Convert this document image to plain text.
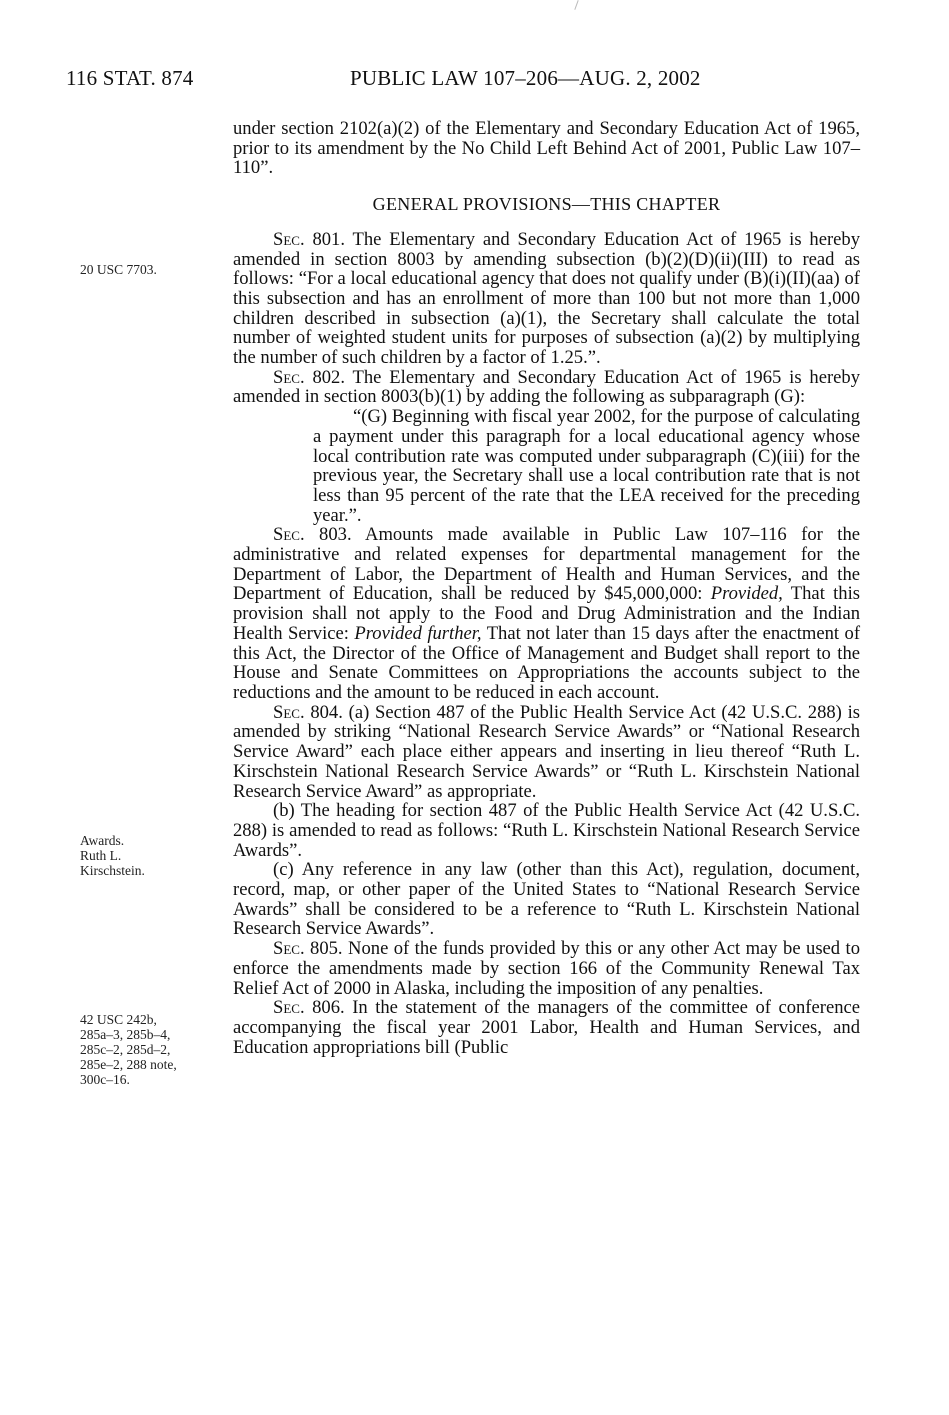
116 STAT. 874	PUBLIC LAW 107–206—AUG. 2, 2002
20 USC 7703.
Awards.
Ruth L.
Kirschstein.
42 USC 242b,
285a–3, 285b–4,
285c–2, 285d–2,
285e–2, 288 note,
300c–16.

under section 2102(a)(2) of the Elementary and Secondary Education Act of 1965, prior to its amendment by the No Child Left Behind Act of 2001, Public Law 107–110”.

GENERAL PROVISIONS—THIS CHAPTER

Sec. 801. The Elementary and Secondary Education Act of 1965 is hereby amended in section 8003 by amending subsection (b)(2)(D)(ii)(III) to read as follows: “For a local educational agency that does not qualify under (B)(i)(II)(aa) of this subsection and has an enrollment of more than 100 but not more than 1,000 children described in subsection (a)(1), the Secretary shall calculate the total number of weighted student units for purposes of subsection (a)(2) by multiplying the number of such children by a factor of 1.25.”.

Sec. 802. The Elementary and Secondary Education Act of 1965 is hereby amended in section 8003(b)(1) by adding the following as subparagraph (G):

“(G) Beginning with fiscal year 2002, for the purpose of calculating a payment under this paragraph for a local educational agency whose local contribution rate was computed under subparagraph (C)(iii) for the previous year, the Secretary shall use a local contribution rate that is not less than 95 percent of the rate that the LEA received for the preceding year.”.

Sec. 803. Amounts made available in Public Law 107–116 for the administrative and related expenses for departmental management for the Department of Labor, the Department of Health and Human Services, and the Department of Education, shall be reduced by $45,000,000: Provided, That this provision shall not apply to the Food and Drug Administration and the Indian Health Service: Provided further, That not later than 15 days after the enactment of this Act, the Director of the Office of Management and Budget shall report to the House and Senate Committees on Appropriations the accounts subject to the reductions and the amount to be reduced in each account.

Sec. 804. (a) Section 487 of the Public Health Service Act (42 U.S.C. 288) is amended by striking “National Research Service Awards” or “National Research Service Award” each place either appears and inserting in lieu thereof “Ruth L. Kirschstein National Research Service Awards” or “Ruth L. Kirschstein National Research Service Award” as appropriate.

(b) The heading for section 487 of the Public Health Service Act (42 U.S.C. 288) is amended to read as follows: “Ruth L. Kirschstein National Research Service Awards”.

(c) Any reference in any law (other than this Act), regulation, document, record, map, or other paper of the United States to “National Research Service Awards” shall be considered to be a reference to “Ruth L. Kirschstein National Research Service Awards”.

Sec. 805. None of the funds provided by this or any other Act may be used to enforce the amendments made by section 166 of the Community Renewal Tax Relief Act of 2000 in Alaska, including the imposition of any penalties.

Sec. 806. In the statement of the managers of the committee of conference accompanying the fiscal year 2001 Labor, Health and Human Services, and Education appropriations bill (Public
